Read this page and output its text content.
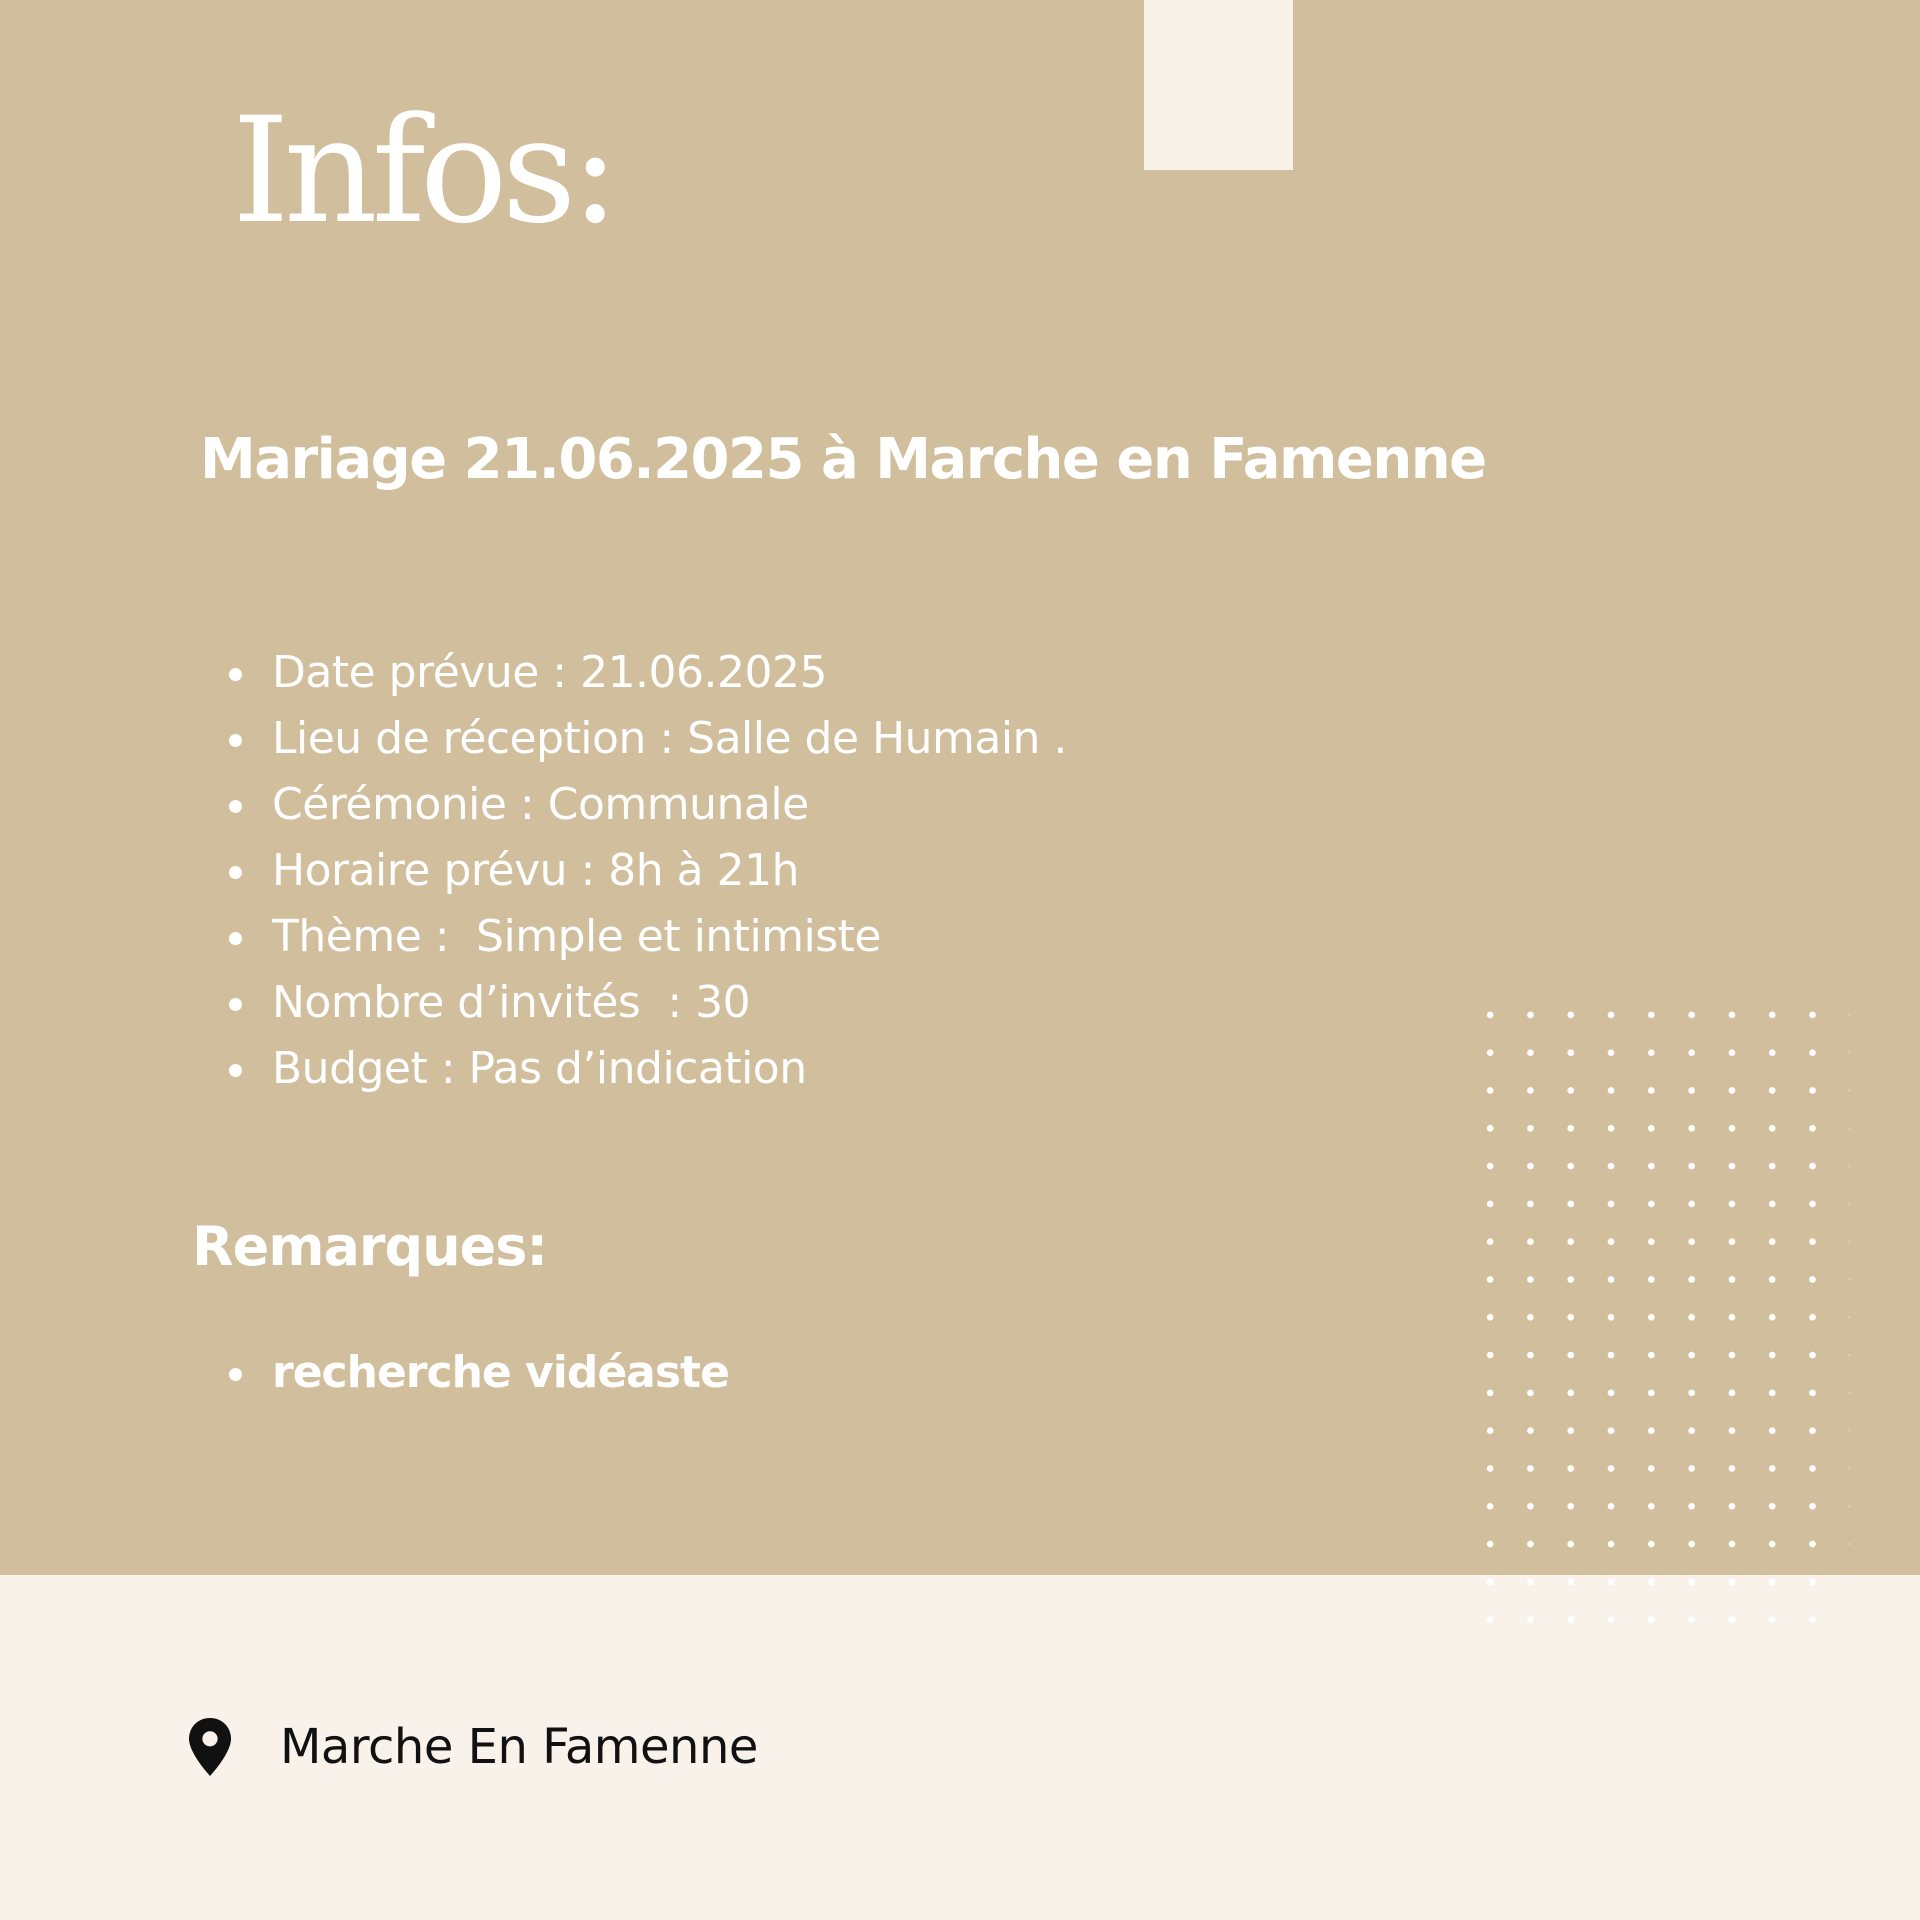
Infos:
Mariage 21.06.2025 à Marche en Famenne
Date prévue : 21.06.2025
Lieu de réception : Salle de Humain .
Cérémonie : Communale
Horaire prévu : 8h à 21h
Thème :  Simple et intimiste
Nombre d’invités  : 30
Budget : Pas d’indication
Remarques:
recherche vidéaste
Marche En Famenne
